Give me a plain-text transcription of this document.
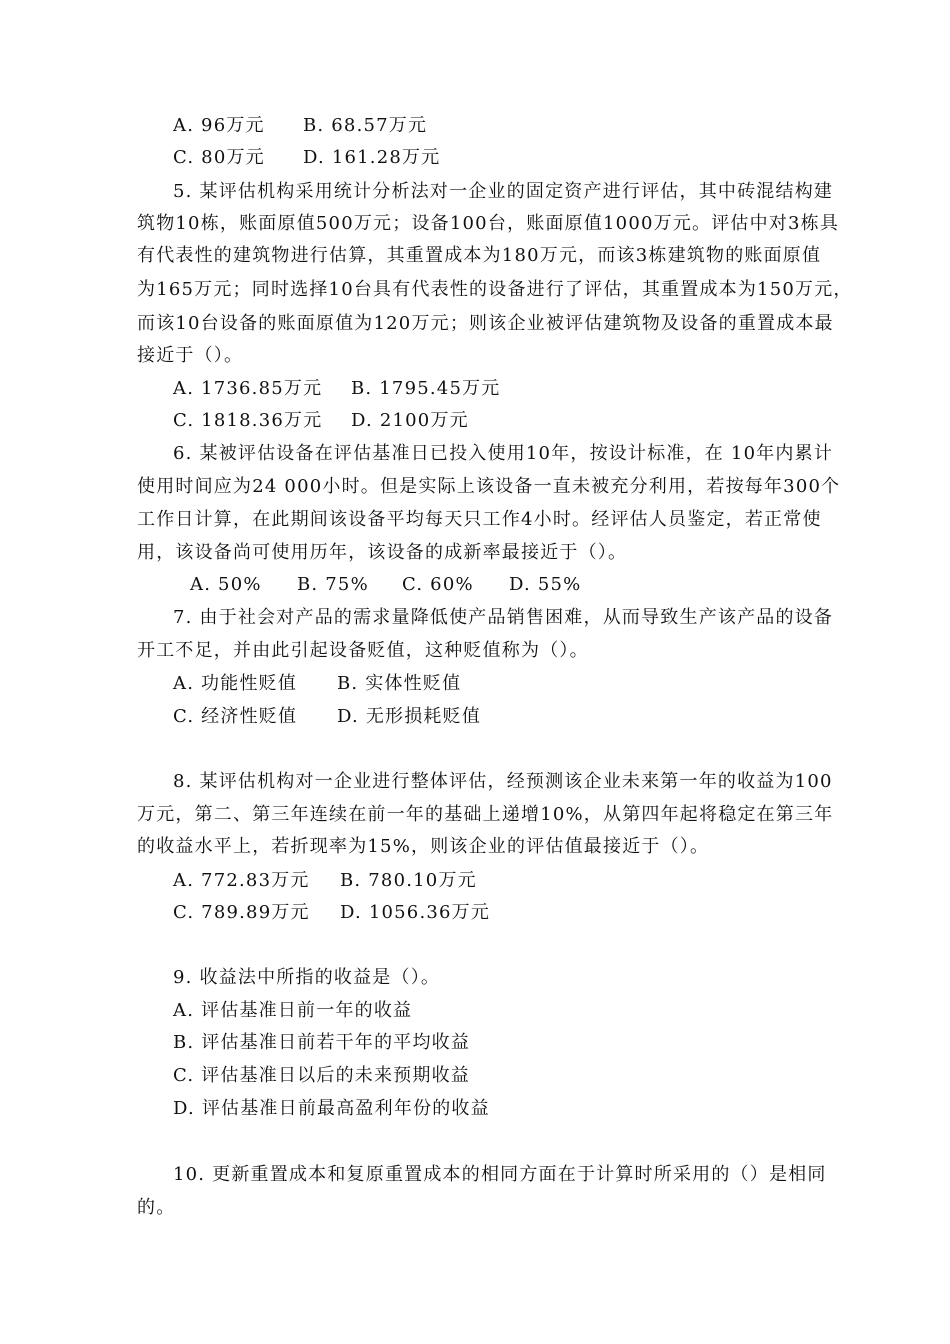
A. 96万元 B. 68.57万元
C. 80万元 D. 161.28万元
5. 某评估机构采用统计分析法对一企业的固定资产进行评估，其中砖混结构建
筑物10栋，账面原值500万元；设备100台，账面原值1000万元。评估中对3栋具
有代表性的建筑物进行估算，其重置成本为180万元，而该3栋建筑物的账面原值
为165万元；同时选择10台具有代表性的设备进行了评估，其重置成本为150万元，
而该10台设备的账面原值为120万元；则该企业被评估建筑物及设备的重置成本最
接近于（）。
A. 1736.85万元 B. 1795.45万元
C. 1818.36万元 D. 2100万元
6. 某被评估设备在评估基准日已投入使用10年，按设计标准，在 10年内累计
使用时间应为24 000小时。但是实际上该设备一直未被充分利用，若按每年300个
工作日计算，在此期间该设备平均每天只工作4小时。经评估人员鉴定，若正常使
用，该设备尚可使用历年，该设备的成新率最接近于（）。
A. 50% B. 75% C. 60% D. 55%
7. 由于社会对产品的需求量降低使产品销售困难，从而导致生产该产品的设备
开工不足，并由此引起设备贬值，这种贬值称为（）。
A. 功能性贬值 B. 实体性贬值
C. 经济性贬值 D. 无形损耗贬值
8. 某评估机构对一企业进行整体评估，经预测该企业未来第一年的收益为100
万元，第二、第三年连续在前一年的基础上递增10%，从第四年起将稳定在第三年
的收益水平上，若折现率为15%，则该企业的评估值最接近于（）。
A. 772.83万元 B. 780.10万元
C. 789.89万元 D. 1056.36万元
9. 收益法中所指的收益是（）。
A. 评估基准日前一年的收益
B. 评估基准日前若干年的平均收益
C. 评估基准日以后的未来预期收益
D. 评估基准日前最高盈利年份的收益
10. 更新重置成本和复原重置成本的相同方面在于计算时所采用的（）是相同
的。
